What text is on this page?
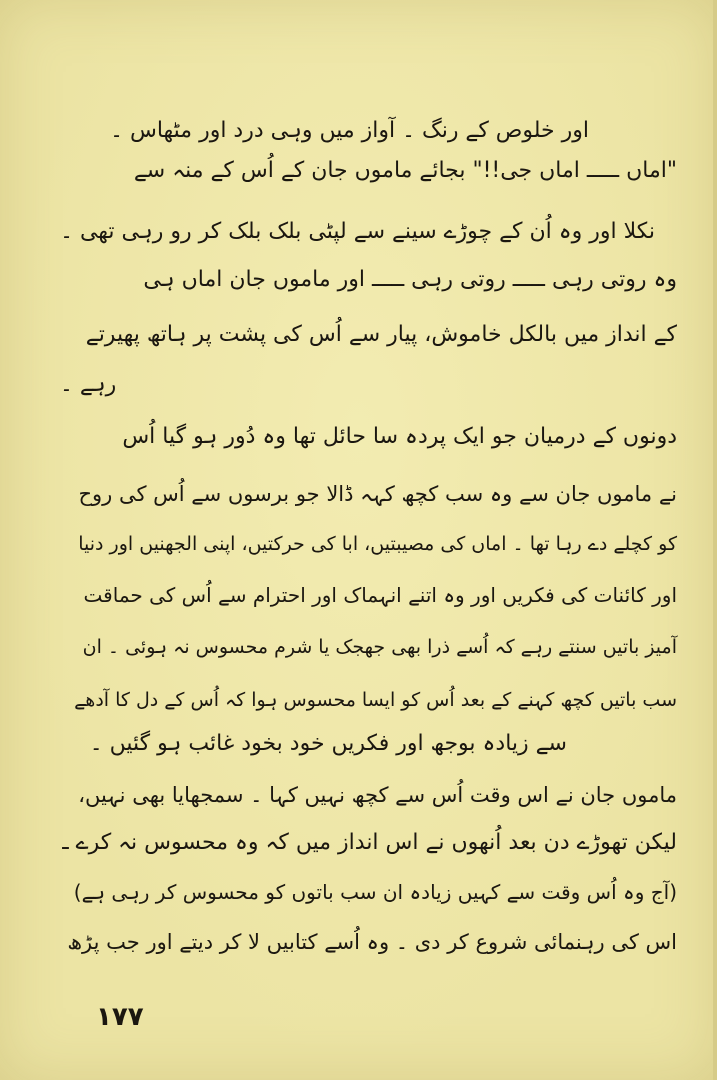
اور خلوص کے رنگ ۔ آواز میں وہی درد اور مٹھاس ۔
"اماں ـــــ اماں جی!!" بجائے ماموں جان کے اُس کے منہ سے
نکلا اور وہ اُن کے چوڑے سینے سے لپٹی بلک بلک کر رو رہی تھی ۔
وہ روتی رہی ـــــ روتی رہی ـــــ اور ماموں جان اماں ہی
کے انداز میں بالکل خاموش، پیار سے اُس کی پشت پر ہاتھ پھیرتے
رہے ۔
دونوں کے درمیان جو ایک پردہ سا حائل تھا وہ دُور ہو گیا اُس
نے ماموں جان سے وہ سب کچھ کہہ ڈالا جو برسوں سے اُس کی روح
کو کچلے دے رہا تھا ۔ اماں کی مصیبتیں، ابا کی حرکتیں، اپنی الجھنیں اور دنیا
اور کائنات کی فکریں اور وہ اتنے انہماک اور احترام سے اُس کی حماقت
آمیز باتیں سنتے رہے کہ اُسے ذرا بھی جھجک یا شرم محسوس نہ ہوئی ۔ ان
سب باتیں کچھ کہنے کے بعد اُس کو ایسا محسوس ہوا کہ اُس کے دل کا آدھے
سے زیادہ بوجھ اور فکریں خود بخود غائب ہو گئیں ۔
ماموں جان نے اس وقت اُس سے کچھ نہیں کہا ۔ سمجھایا بھی نہیں،
لیکن تھوڑے دن بعد اُنھوں نے اس انداز میں کہ وہ محسوس نہ کرے ـ
(آج وہ اُس وقت سے کہیں زیادہ ان سب باتوں کو محسوس کر رہی ہے)
اس کی رہنمائی شروع کر دی ۔ وہ اُسے کتابیں لا کر دیتے اور جب پڑھ
١٧٧
